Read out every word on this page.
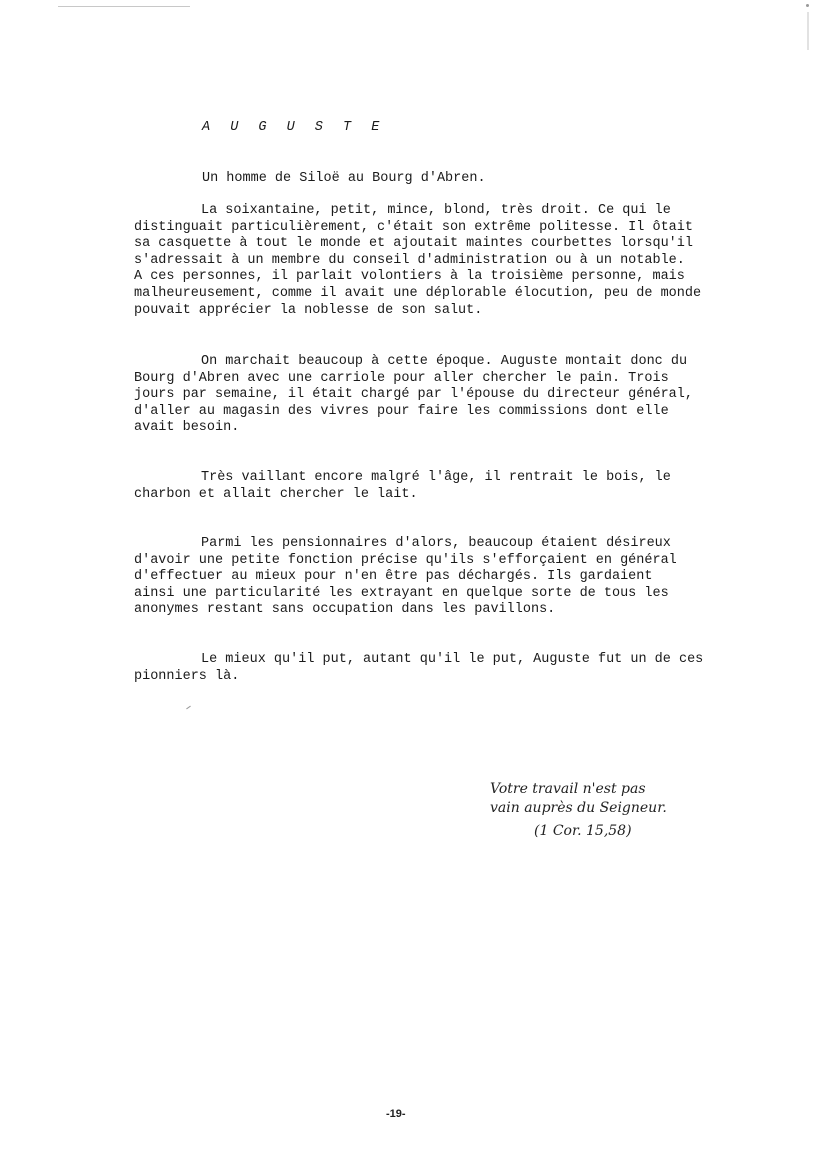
A U G U S T E
Un homme de Siloë au Bourg d'Abren.

La soixantaine, petit, mince, blond, très droit. Ce qui le
distinguait particulièrement, c'était son extrême politesse. Il ôtait
sa casquette à tout le monde et ajoutait maintes courbettes lorsqu'il
s'adressait à un membre du conseil d'administration ou à un notable.
A ces personnes, il parlait volontiers à la troisième personne, mais
malheureusement, comme il avait une déplorable élocution, peu de monde
pouvait apprécier la noblesse de son salut.

On marchait beaucoup à cette époque. Auguste montait donc du
Bourg d'Abren avec une carriole pour aller chercher le pain. Trois
jours par semaine, il était chargé par l'épouse du directeur général,
d'aller au magasin des vivres pour faire les commissions dont elle
avait besoin.

Très vaillant encore malgré l'âge, il rentrait le bois, le
charbon et allait chercher le lait.

Parmi les pensionnaires d'alors, beaucoup étaient désireux
d'avoir une petite fonction précise qu'ils s'efforçaient en général
d'effectuer au mieux pour n'en être pas déchargés. Ils gardaient
ainsi une particularité les extrayant en quelque sorte de tous les
anonymes restant sans occupation dans les pavillons.

Le mieux qu'il put, autant qu'il le put, Auguste fut un de ces
pionniers là.

Votre travail n'est pas
vain auprès du Seigneur.
(1 Cor. 15,58)
-19-
